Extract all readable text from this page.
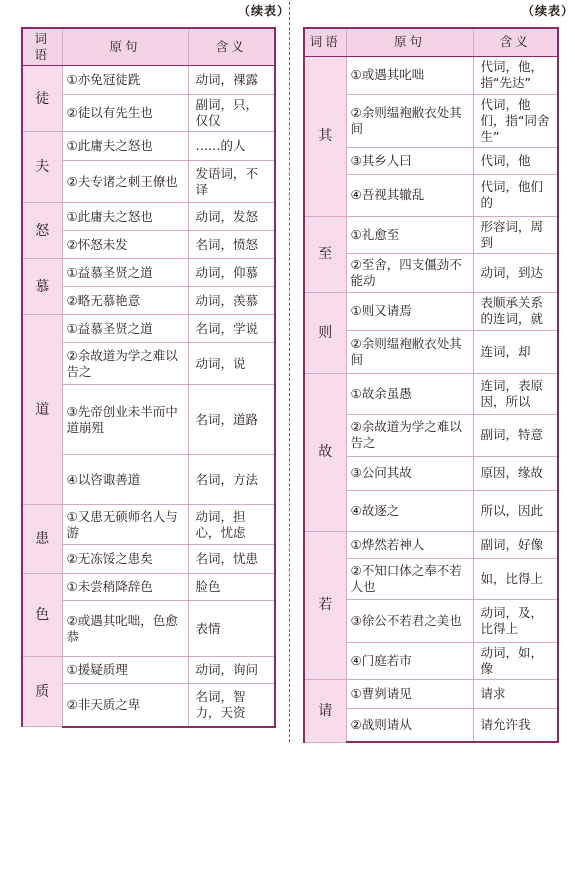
（续表）	（续表）
词语	原句	含义
徒	①亦免冠徒跣	动词，裸露
	②徒以有先生也	副词，只，仅仅
夫	①此庸夫之怒也	……的人
	②夫专诸之刺王僚也	发语词，不译
怒	①此庸夫之怒也	动词，发怒
	②怀怒未发	名词，愤怒
慕	①益慕圣贤之道	动词，仰慕
	②略无慕艳意	动词，羡慕
道	①益慕圣贤之道	名词，学说
	②余故道为学之难以告之	动词，说
	③先帝创业未半而中道崩殂	名词，道路
	④以咨诹善道	名词，方法
患	①又患无硕师名人与游	动词，担心，忧虑
	②无冻馁之患矣	名词，忧患
色	①未尝稍降辞色	脸色
	②或遇其叱咄，色愈恭	表情
质	①援疑质理	动词，询问
	②非天质之卑	名词，智力，天资
词语	原句	含义
其	①或遇其叱咄	代词，他，指“先达”
	②余则缊袍敝衣处其间	代词，他们，指“同舍生”
	③其乡人曰	代词，他
	④吾视其辙乱	代词，他们的
至	①礼愈至	形容词，周到
	②至舍，四支僵劲不能动	动词，到达
则	①则又请焉	表顺承关系的连词，就
	②余则缊袍敝衣处其间	连词，却
故	①故余虽愚	连词，表原因，所以
	②余故道为学之难以告之	副词，特意
	③公问其故	原因，缘故
	④故逐之	所以，因此
若	①烨然若神人	副词，好像
	②不知口体之奉不若人也	如，比得上
	③徐公不若君之美也	动词，及，比得上
	④门庭若市	动词，如，像
请	①曹刿请见	请求
	②战则请从	请允许我
